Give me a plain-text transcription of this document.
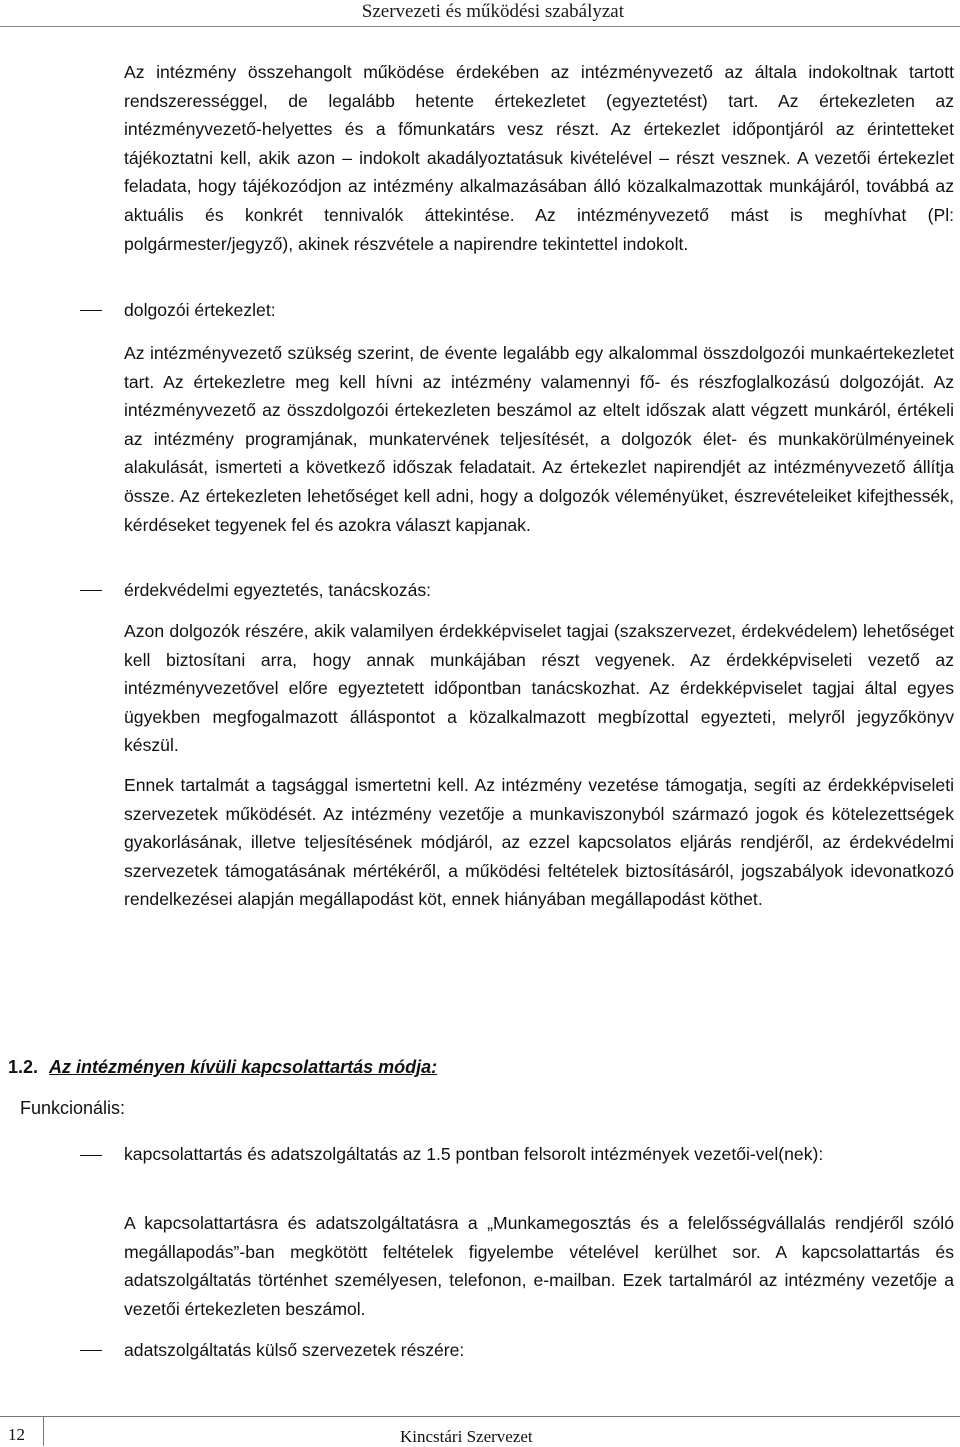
Szervezeti és működési szabályzat

Az intézmény összehangolt működése érdekében az intézményvezető az általa indokoltnak tartott rendszerességgel, de legalább hetente értekezletet (egyeztetést) tart. Az értekezleten az intézményvezető-helyettes és a főmunkatárs vesz részt. Az értekezlet időpontjáról az érintetteket tájékoztatni kell, akik azon – indokolt akadályoztatásuk kivételével – részt vesznek. A vezetői értekezlet feladata, hogy tájékozódjon az intézmény alkalmazásában álló közalkalmazottak munkájáról, továbbá az aktuális és konkrét tennivalók áttekintése. Az intézményvezető mást is meghívhat (Pl: polgármester/jegyző), akinek részvétele a napirendre tekintettel indokolt.

dolgozói értekezlet:

Az intézményvezető szükség szerint, de évente legalább egy alkalommal összdolgozói munkaértekezletet tart. Az értekezletre meg kell hívni az intézmény valamennyi fő- és részfoglalkozású dolgozóját. Az intézményvezető az összdolgozói értekezleten beszámol az eltelt időszak alatt végzett munkáról, értékeli az intézmény programjának, munkatervének teljesítését, a dolgozók élet- és munkakörülményeinek alakulását, ismerteti a következő időszak feladatait. Az értekezlet napirendjét az intézményvezető állítja össze. Az értekezleten lehetőséget kell adni, hogy a dolgozók véleményüket, észrevételeiket kifejthessék, kérdéseket tegyenek fel és azokra választ kapjanak.

érdekvédelmi egyeztetés, tanácskozás:

Azon dolgozók részére, akik valamilyen érdekképviselet tagjai (szakszervezet, érdekvédelem) lehetőséget kell biztosítani arra, hogy annak munkájában részt vegyenek. Az érdekképviseleti vezető az intézményvezetővel előre egyeztetett időpontban tanácskozhat. Az érdekképviselet tagjai által egyes ügyekben megfogalmazott álláspontot a közalkalmazott megbízottal egyezteti, melyről jegyzőkönyv készül.

Ennek tartalmát a tagsággal ismertetni kell. Az intézmény vezetése támogatja, segíti az érdekképviseleti szervezetek működését. Az intézmény vezetője a munkaviszonyból származó jogok és kötelezettségek gyakorlásának, illetve teljesítésének módjáról, az ezzel kapcsolatos eljárás rendjéről, az érdekvédelmi szervezetek támogatásának mértékéről, a működési feltételek biztosításáról, jogszabályok idevonatkozó rendelkezései alapján megállapodást köt, ennek hiányában megállapodást köthet.

1.2. Az intézményen kívüli kapcsolattartás módja:
Funkcionális:

kapcsolattartás és adatszolgáltatás az 1.5 pontban felsorolt intézmények vezetői-vel(nek):

A kapcsolattartásra és adatszolgáltatásra a „Munkamegosztás és a felelősségvállalás rendjéről szóló megállapodás”-ban megkötött feltételek figyelembe vételével kerülhet sor. A kapcsolattartás és adatszolgáltatás történhet személyesen, telefonon, e-mailban. Ezek tartalmáról az intézmény vezetője a vezetői értekezleten beszámol.

adatszolgáltatás külső szervezetek részére:
12	Kincstári Szervezet
